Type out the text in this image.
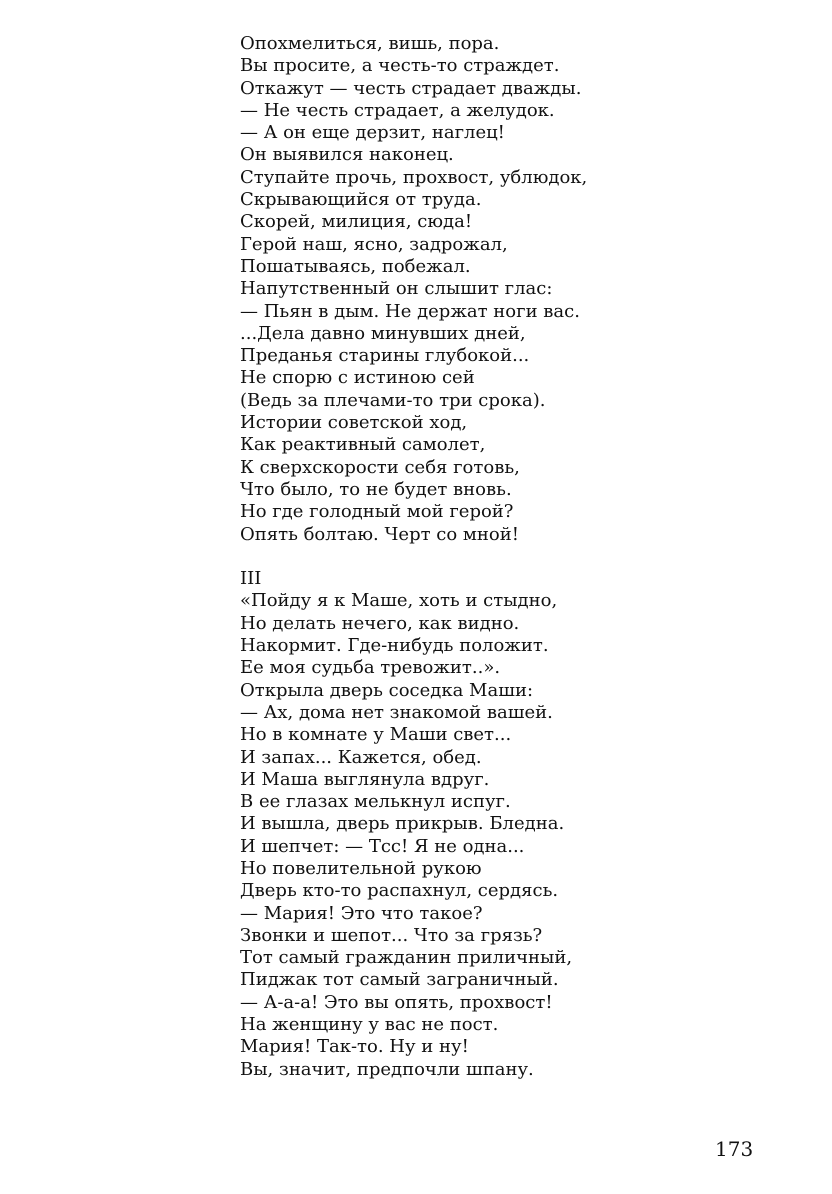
Опохмелиться, вишь, пора.
Вы просите, а честь-то страждет.
Откажут — честь страдает дважды.
— Не честь страдает, а желудок.
— А он еще дерзит, наглец!
Он выявился наконец.
Ступайте прочь, прохвост, ублюдок,
Скрывающийся от труда.
Скорей, милиция, сюда!
Герой наш, ясно, задрожал,
Пошатываясь, побежал.
Напутственный он слышит глас:
— Пьян в дым. Не держат ноги вас.
...Дела давно минувших дней,
Преданья старины глубокой...
Не спорю с истиною сей
(Ведь за плечами-то три срока).
Истории советской ход,
Как реактивный самолет,
К сверхскорости себя готовь,
Что было, то не будет вновь.
Но где голодный мой герой?
Опять болтаю. Черт со мной!
III
«Пойду я к Маше, хоть и стыдно,
Но делать нечего, как видно.
Накормит. Где-нибудь положит.
Ее моя судьба тревожит..».
Открыла дверь соседка Маши:
— Ах, дома нет знакомой вашей.
Но в комнате у Маши свет...
И запах... Кажется, обед.
И Маша выглянула вдруг.
В ее глазах мелькнул испуг.
И вышла, дверь прикрыв. Бледна.
И шепчет: — Тсс! Я не одна...
Но повелительной рукою
Дверь кто-то распахнул, сердясь.
— Мария! Это что такое?
Звонки и шепот... Что за грязь?
Тот самый гражданин приличный,
Пиджак тот самый заграничный.
— А-а-а! Это вы опять, прохвост!
На женщину у вас не пост.
Мария! Так-то. Ну и ну!
Вы, значит, предпочли шпану.
173
